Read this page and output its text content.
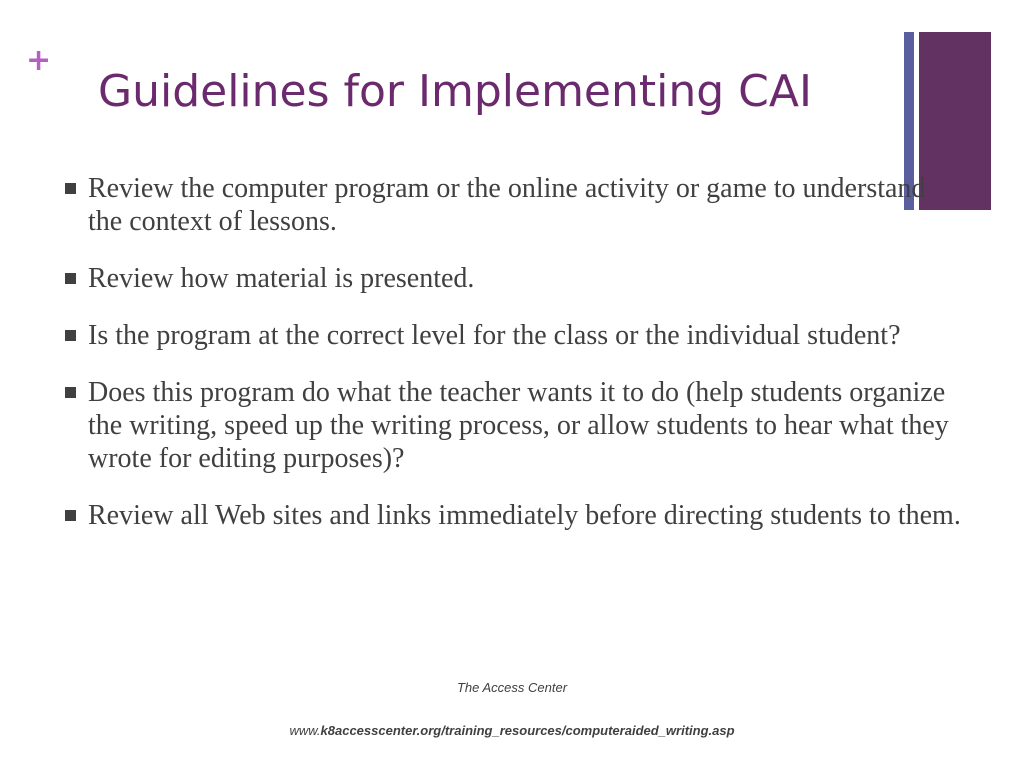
+
Guidelines for Implementing CAI
Review the computer program or the online activity or game to understand the context of lessons.
Review how material is presented.
Is the program at the correct level for the class or the individual student?
Does this program do what the teacher wants it to do (help students organize the writing, speed up the writing process, or allow students to hear what they wrote for editing purposes)?
Review all Web sites and links immediately before directing students to them.
The Access Center
www.k8accesscenter.org/training_resources/computeraided_writing.asp
